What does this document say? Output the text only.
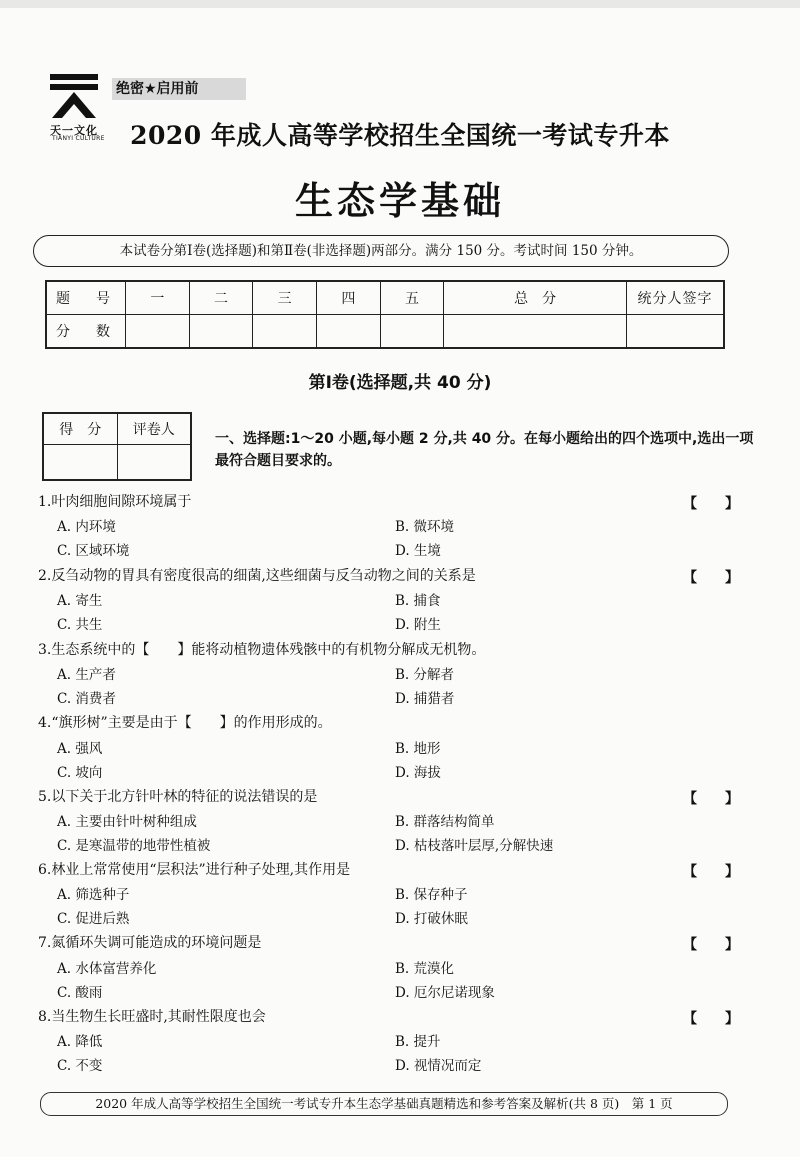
天一文化
TIANYI CULTURE
绝密★启用前
2020 年成人高等学校招生全国统一考试专升本
生态学基础
本试卷分第Ⅰ卷(选择题)和第Ⅱ卷(非选择题)两部分。满分 150 分。考试时间 150 分钟。
题　号	一	二	三	四	五	总　分	统分人签字
分　数							
第Ⅰ卷(选择题,共 40 分)
得　分	评卷人

一、选择题:1～20 小题,每小题 2 分,共 40 分。在每小题给出的四个选项中,选出一项最符合题目要求的。
1.叶肉细胞间隙环境属于	【　　】
A. 内环境	B. 微环境
C. 区域环境	D. 生境
2.反刍动物的胃具有密度很高的细菌,这些细菌与反刍动物之间的关系是	【　　】
A. 寄生	B. 捕食
C. 共生	D. 附生
3.生态系统中的【　　】能将动植物遗体残骸中的有机物分解成无机物。
A. 生产者	B. 分解者
C. 消费者	D. 捕猎者
4.“旗形树”主要是由于【　　】的作用形成的。
A. 强风	B. 地形
C. 坡向	D. 海拔
5.以下关于北方针叶林的特征的说法错误的是	【　　】
A. 主要由针叶树种组成	B. 群落结构简单
C. 是寒温带的地带性植被	D. 枯枝落叶层厚,分解快速
6.林业上常常使用“层积法”进行种子处理,其作用是	【　　】
A. 筛选种子	B. 保存种子
C. 促进后熟	D. 打破休眠
7.氮循环失调可能造成的环境问题是	【　　】
A. 水体富营养化	B. 荒漠化
C. 酸雨	D. 厄尔尼诺现象
8.当生物生长旺盛时,其耐性限度也会	【　　】
A. 降低	B. 提升
C. 不变	D. 视情况而定
2020 年成人高等学校招生全国统一考试专升本生态学基础真题精选和参考答案及解析(共 8 页)　第 1 页
